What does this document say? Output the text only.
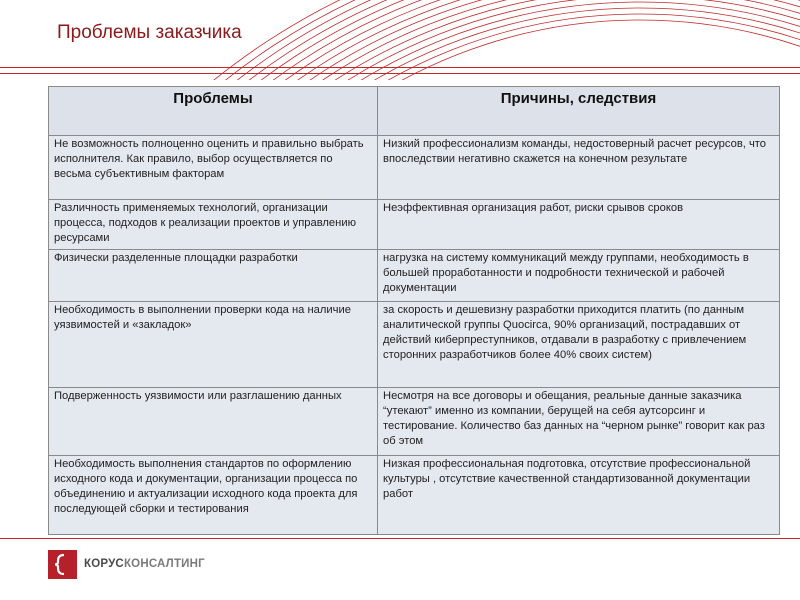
Проблемы заказчика
Проблемы	Причины, следствия
Не возможность полноценно оценить и правильно выбрать исполнителя. Как правило, выбор осуществляется по весьма субъективным факторам	Низкий профессионализм команды, недостоверный расчет ресурсов, что впоследствии негативно скажется на конечном результате
Различность применяемых технологий, организации процесса, подходов к реализации проектов и управлению ресурсами	Неэффективная организация работ, риски срывов сроков
Физически разделенные площадки разработки	нагрузка на систему коммуникаций между группами, необходимость в большей проработанности и подробности технической и рабочей документации
Необходимость в выполнении проверки кода на наличие уязвимостей и «закладок»	за скорость и дешевизну разработки приходится платить (по данным аналитической группы Quocirca, 90% организаций, пострадавших от действий киберпреступников, отдавали в разработку с привлечением сторонних разработчиков более 40% своих систем)
Подверженность уязвимости или разглашению данных	Несмотря на все договоры и обещания, реальные данные заказчика “утекают” именно из компании, берущей на себя аутсорсинг и тестирование. Количество баз данных на “черном рынке” говорит как раз об этом
Необходимость выполнения стандартов по оформлению исходного кода и документации, организации процесса по объединению и актуализации исходного кода проекта для последующей сборки и тестирования	Низкая профессиональная подготовка, отсутствие профессиональной культуры , отсутствие качественной стандартизованной документации работ
КОРУСКОНСАЛТИНГ
